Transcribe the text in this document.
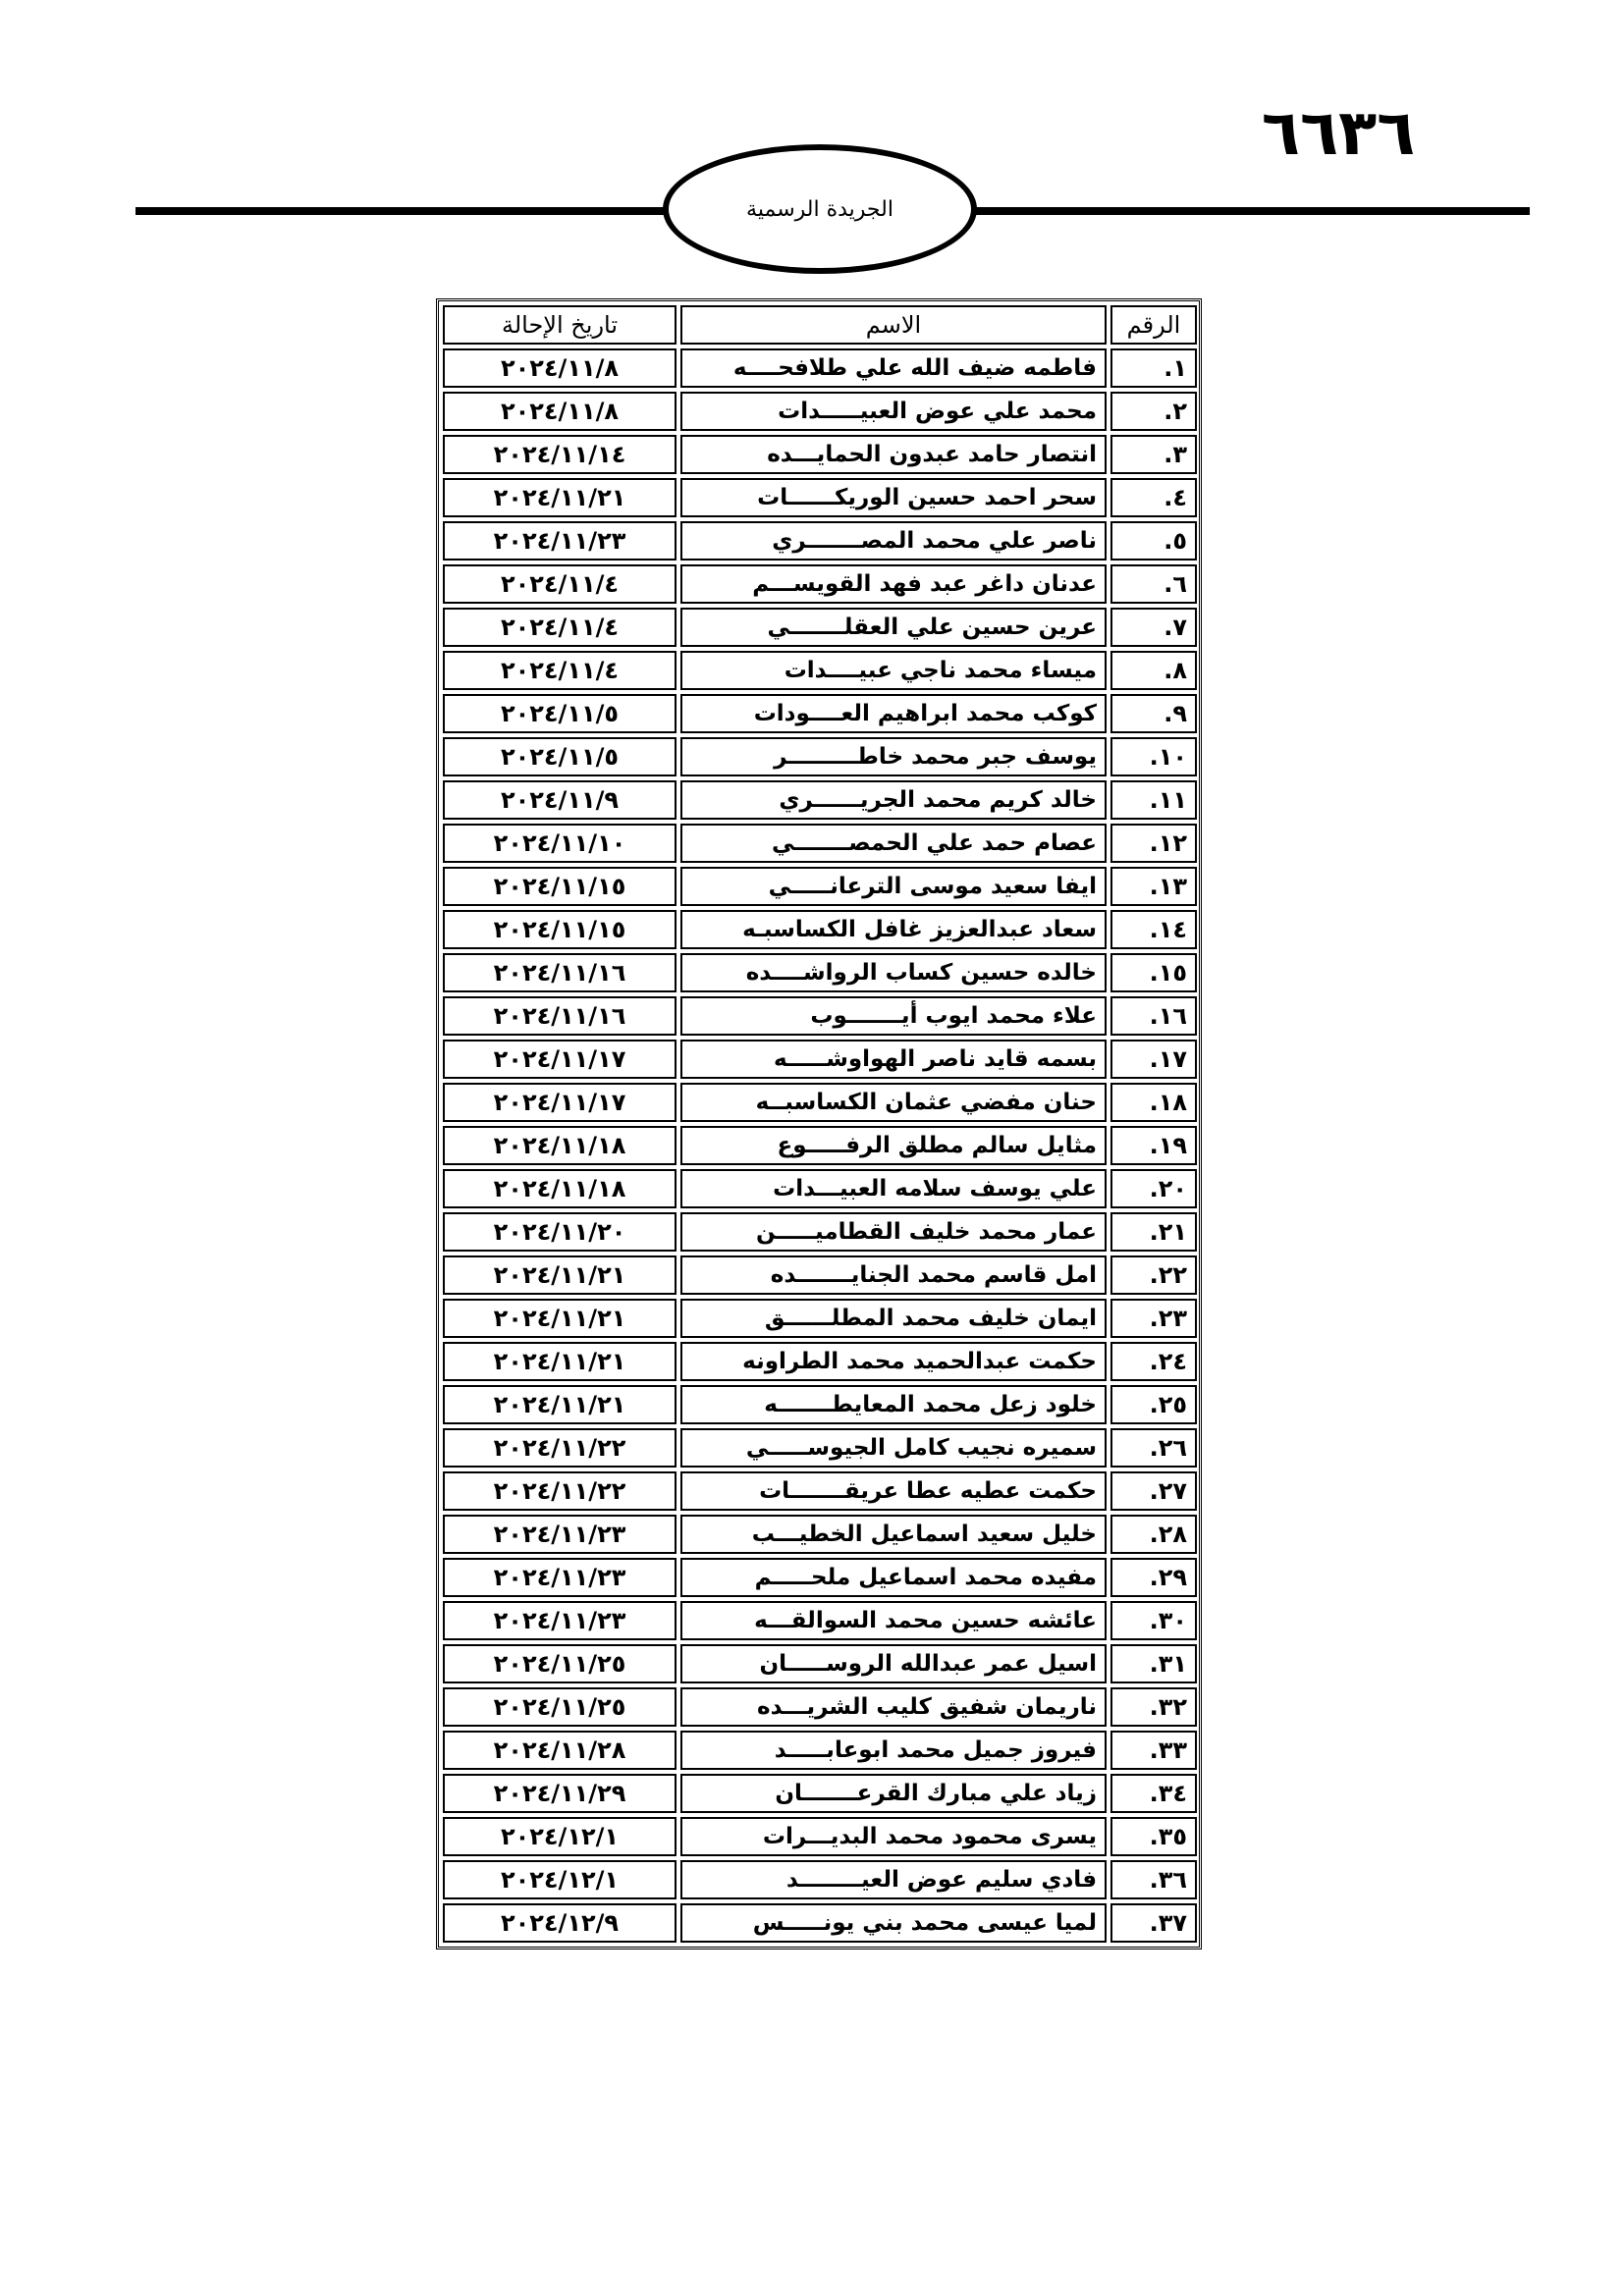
٦٦٣٦
الجريدة الرسمية
الرقم	الاسم	تاريخ الإحالة
١.	فاطمه ضيف الله علي طلافحــــه	٢٠٢٤/١١/٨
٢.	محمد علي عوض العبيـــــدات	٢٠٢٤/١١/٨
٣.	انتصار حامد عبدون الحمايـــده	٢٠٢٤/١١/١٤
٤.	سحر احمد حسين الوريكــــــات	٢٠٢٤/١١/٢١
٥.	ناصر علي محمد المصـــــــري	٢٠٢٤/١١/٢٣
٦.	عدنان داغر عبد فهد القويســـم	٢٠٢٤/١١/٤
٧.	عرين حسين علي العقلـــــــي	٢٠٢٤/١١/٤
٨.	ميساء محمد ناجي عبيــــدات	٢٠٢٤/١١/٤
٩.	كوكب محمد ابراهيم العــــودات	٢٠٢٤/١١/٥
١٠.	يوسف جبر محمد خاطـــــــــر	٢٠٢٤/١١/٥
١١.	خالد كريم محمد الجريــــــري	٢٠٢٤/١١/٩
١٢.	عصام حمد علي الحمصـــــــي	٢٠٢٤/١١/١٠
١٣.	ايفا سعيد موسى الترعانـــــي	٢٠٢٤/١١/١٥
١٤.	سعاد عبدالعزيز غافل الكساسبـه	٢٠٢٤/١١/١٥
١٥.	خالده حسين كساب الرواشــــده	٢٠٢٤/١١/١٦
١٦.	علاء محمد ايوب أيـــــــوب	٢٠٢٤/١١/١٦
١٧.	بسمه قايد ناصر الهواوشـــــه	٢٠٢٤/١١/١٧
١٨.	حنان مفضي عثمان الكساسبــه	٢٠٢٤/١١/١٧
١٩.	مثايل سالم مطلق الرفـــــوع	٢٠٢٤/١١/١٨
٢٠.	علي يوسف سلامه العبيـــدات	٢٠٢٤/١١/١٨
٢١.	عمار محمد خليف القطاميـــــن	٢٠٢٤/١١/٢٠
٢٢.	امل قاسم محمد الجنايـــــــده	٢٠٢٤/١١/٢١
٢٣.	ايمان خليف محمد المطلــــــق	٢٠٢٤/١١/٢١
٢٤.	حكمت عبدالحميد محمد الطراونه	٢٠٢٤/١١/٢١
٢٥.	خلود زعل محمد المعايطـــــــه	٢٠٢٤/١١/٢١
٢٦.	سميره نجيب كامل الجيوســـــي	٢٠٢٤/١١/٢٢
٢٧.	حكمت عطيه عطا عريقـــــــات	٢٠٢٤/١١/٢٢
٢٨.	خليل سعيد اسماعيل الخطيـــب	٢٠٢٤/١١/٢٣
٢٩.	مفيده محمد اسماعيل ملحـــــم	٢٠٢٤/١١/٢٣
٣٠.	عائشه حسين محمد السوالقـــه	٢٠٢٤/١١/٢٣
٣١.	اسيل عمر عبدالله الروســـــان	٢٠٢٤/١١/٢٥
٣٢.	ناريمان شفيق كليب الشريـــده	٢٠٢٤/١١/٢٥
٣٣.	فيروز جميل محمد ابوعابـــــد	٢٠٢٤/١١/٢٨
٣٤.	زياد علي مبارك القرعـــــــان	٢٠٢٤/١١/٢٩
٣٥.	يسرى محمود محمد البديـــرات	٢٠٢٤/١٢/١
٣٦.	فادي سليم عوض العيــــــــد	٢٠٢٤/١٢/١
٣٧.	لميا عيسى محمد بني يونـــــس	٢٠٢٤/١٢/٩
